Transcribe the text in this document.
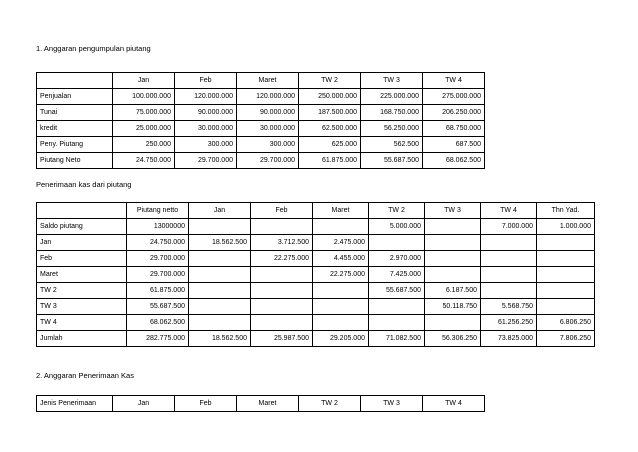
1. Anggaran pengumpulan piutang
	Jan	Feb	Maret	TW 2	TW 3	TW 4
Penjualan	100.000.000	120.000.000	120.000.000	250.000.000	225.000.000	275.000.000
Tunai	75.000.000	90.000.000	90.000.000	187.500.000	168.750.000	206.250.000
kredit	25.000.000	30.000.000	30.000.000	62.500.000	56.250.000	68.750.000
Peny. Piutang	250.000	300.000	300.000	625.000	562.500	687.500
Piutang Neto	24.750.000	29.700.000	29.700.000	61.875.000	55.687.500	68.062.500
Penerimaan kas dari piutang
	Piutang netto	Jan	Feb	Maret	TW 2	TW 3	TW 4	Thn Yad.
Saldo piutang	13000000				5.000.000		7.000.000	1.000.000
Jan	24.750.000	18.562.500	3.712.500	2.475.000				
Feb	29.700.000		22.275.000	4.455.000	2.970.000			
Maret	29.700.000			22.275.000	7.425.000			
TW 2	61.875.000				55.687.500	6.187.500		
TW 3	55.687.500					50.118.750	5.568.750	
TW 4	68.062.500						61.256.250	6.806.250
Jumlah	282.775.000	18.562.500	25.987.500	29.205.000	71.082.500	56.306.250	73.825.000	7.806.250
2. Anggaran Penerimaan Kas
Jenis Penerimaan	Jan	Feb	Maret	TW 2	TW 3	TW 4
